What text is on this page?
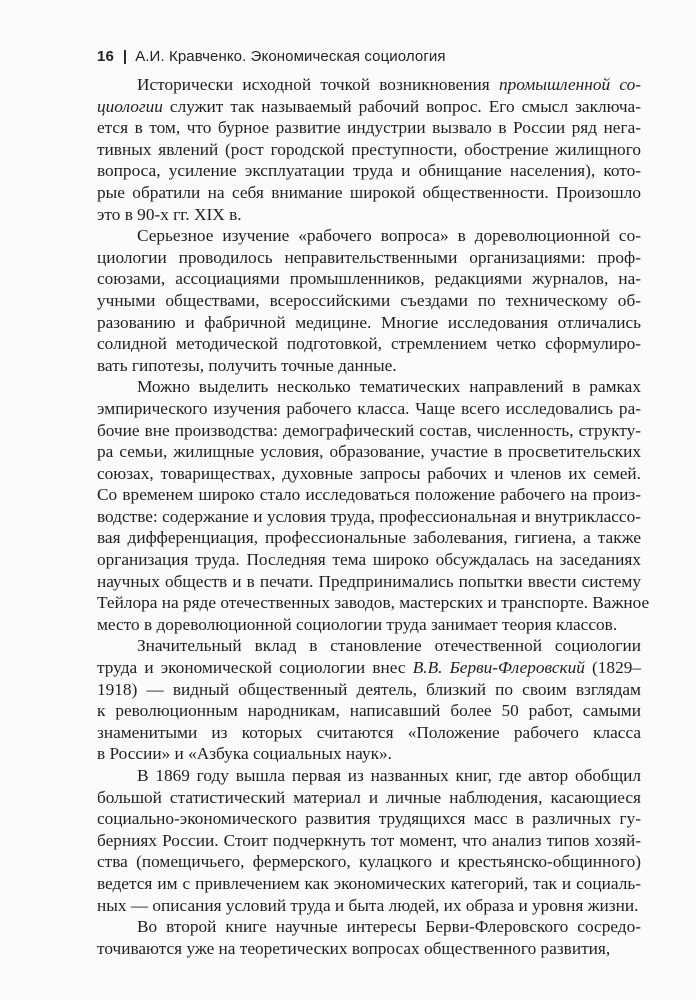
16 | А.И. Кравченко. Экономическая социология
Исторически исходной точкой возникновения промышленной со-
циологии служит так называемый рабочий вопрос. Его смысл заключа-
ется в том, что бурное развитие индустрии вызвало в России ряд нега-
тивных явлений (рост городской преступности, обострение жилищного
вопроса, усиление эксплуатации труда и обнищание населения), кото-
рые обратили на себя внимание широкой общественности. Произошло
это в 90-х гг. XIX в.
Серьезное изучение «рабочего вопроса» в дореволюционной со-
циологии проводилось неправительственными организациями: проф-
союзами, ассоциациями промышленников, редакциями журналов, на-
учными обществами, всероссийскими съездами по техническому об-
разованию и фабричной медицине. Многие исследования отличались
солидной методической подготовкой, стремлением четко сформулиро-
вать гипотезы, получить точные данные.
Можно выделить несколько тематических направлений в рамках
эмпирического изучения рабочего класса. Чаще всего исследовались ра-
бочие вне производства: демографический состав, численность, структу-
ра семьи, жилищные условия, образование, участие в просветительских
союзах, товариществах, духовные запросы рабочих и членов их семей.
Со временем широко стало исследоваться положение рабочего на произ-
водстве: содержание и условия труда, профессиональная и внутриклассо-
вая дифференциация, профессиональные заболевания, гигиена, а также
организация труда. Последняя тема широко обсуждалась на заседаниях
научных обществ и в печати. Предпринимались попытки ввести систему
Тейлора на ряде отечественных заводов, мастерских и транспорте. Важное
место в дореволюционной социологии труда занимает теория классов.
Значительный вклад в становление отечественной социологии
труда и экономической социологии внес В.В. Берви-Флеровский (1829–
1918) — видный общественный деятель, близкий по своим взглядам
к революционным народникам, написавший более 50 работ, самыми
знаменитыми из которых считаются «Положение рабочего класса
в России» и «Азбука социальных наук».
В 1869 году вышла первая из названных книг, где автор обобщил
большой статистический материал и личные наблюдения, касающиеся
социально-экономического развития трудящихся масс в различных гу-
берниях России. Стоит подчеркнуть тот момент, что анализ типов хозяй-
ства (помещичьего, фермерского, кулацкого и крестьянско-общинного)
ведется им с привлечением как экономических категорий, так и социаль-
ных — описания условий труда и быта людей, их образа и уровня жизни.
Во второй книге научные интересы Берви-Флеровского сосредо-
точиваются уже на теоретических вопросах общественного развития,
